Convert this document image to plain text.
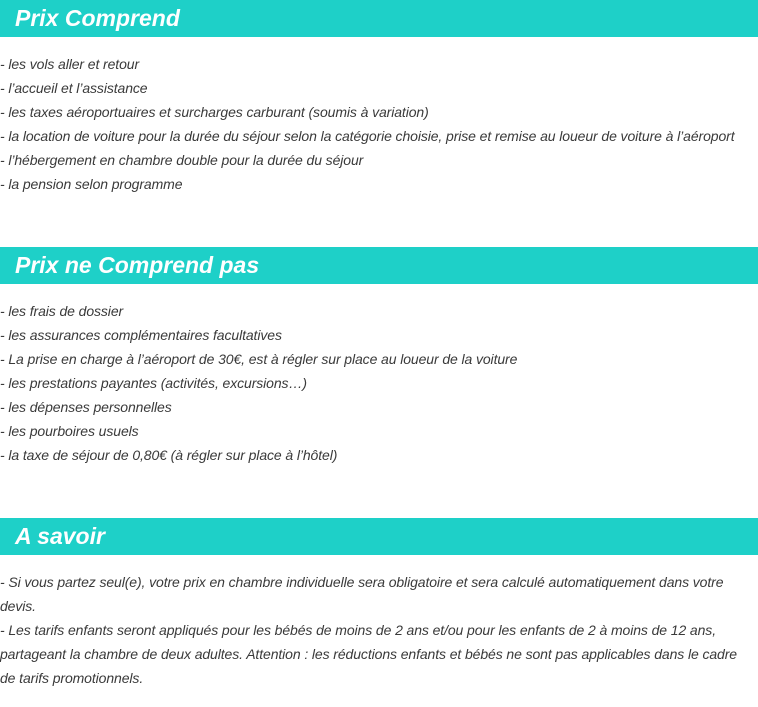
Prix Comprend
- les vols aller et retour
- l’accueil et l’assistance
- les taxes aéroportuaires et surcharges carburant (soumis à variation)
- la location de voiture pour la durée du séjour selon la catégorie choisie, prise et remise au loueur de voiture à l’aéroport
- l’hébergement en chambre double pour la durée du séjour
- la pension selon programme
Prix ne Comprend pas
- les frais de dossier
- les assurances complémentaires facultatives
- La prise en charge à l’aéroport de 30€, est à régler sur place au loueur de la voiture
- les prestations payantes (activités, excursions…)
- les dépenses personnelles
- les pourboires usuels
- la taxe de séjour de 0,80€ (à régler sur place à l’hôtel)
A savoir
- Si vous partez seul(e), votre prix en chambre individuelle sera obligatoire et sera calculé automatiquement dans votre devis.
- Les tarifs enfants seront appliqués pour les bébés de moins de 2 ans et/ou pour les enfants de 2 à moins de 12 ans, partageant la chambre de deux adultes. Attention : les réductions enfants et bébés ne sont pas applicables dans le cadre de tarifs promotionnels.
